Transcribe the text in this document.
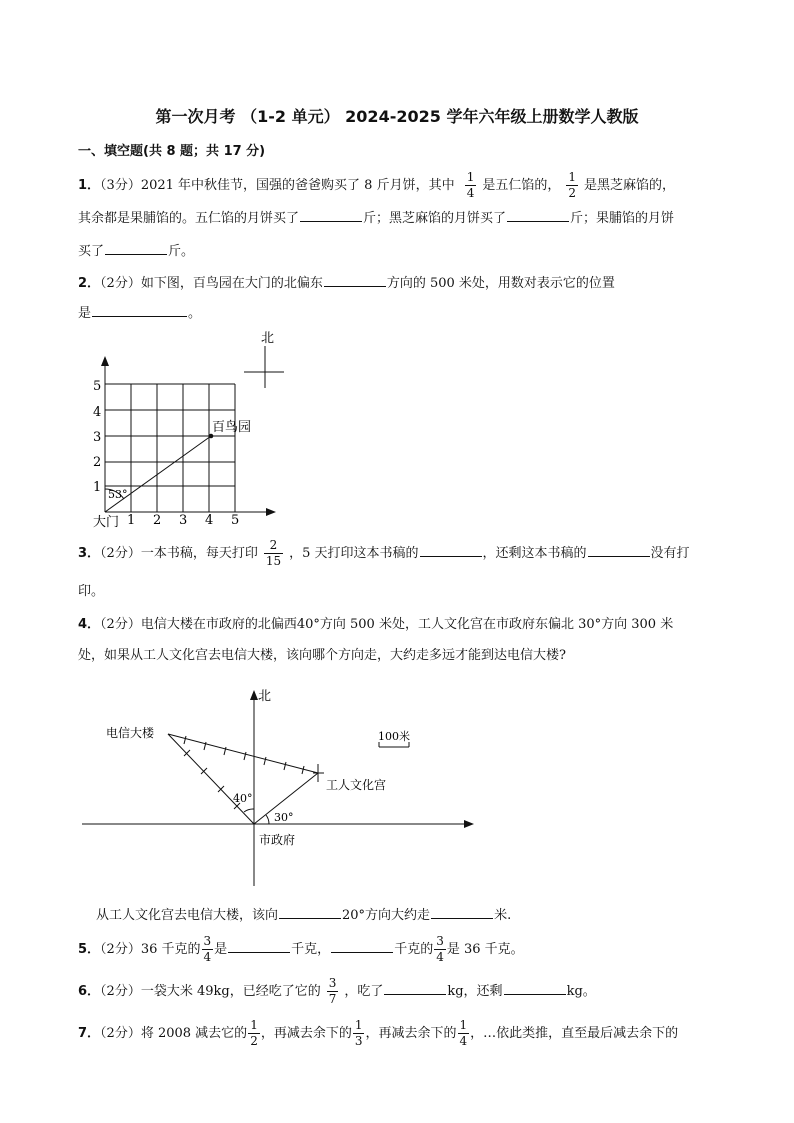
第一次月考 （1-2 单元） 2024-2025 学年六年级上册数学人教版
一、填空题(共 8 题；共 17 分)
1．（3分）2021 年中秋佳节，国强的爸爸购买了 8 斤月饼，其中 $\frac{1}{4}$ 是五仁馅的， $\frac{1}{2}$ 是黑芝麻馅的，
其余都是果脯馅的。五仁馅的月饼买了	斤；黑芝麻馅的月饼买了	斤；果脯馅的月饼
买了	斤。
2．（2分）如下图，百鸟园在大门的北偏东	方向的 500 米处，用数对表示它的位置
是	。
北
百鸟园
53°
大门 1 2 3 4 5
1
2
3
4
5
3．（2分）一本书稿，每天打印 $\frac{2}{15}$ ，5 天打印这本书稿的	，还剩这本书稿的	没有打
印。
4．（2分）电信大楼在市政府的北偏西40°方向 500 米处，工人文化宫在市政府东偏北 30°方向 300 米
处，如果从工人文化宫去电信大楼，该向哪个方向走，大约走多远才能到达电信大楼?
北
电信大楼
工人文化宫
市政府
40°
30°
100米
从工人文化宫去电信大楼，该向	20°方向大约走	米.
5．（2分）36 千克的 $\frac{3}{4}$ 是	千克，	千克的 $\frac{3}{4}$ 是 36 千克。
6．（2分）一袋大米 49kg，已经吃了它的 $\frac{3}{7}$ ，吃了	kg，还剩	kg。
7．（2分）将 2008 减去它的 $\frac{1}{2}$ ，再减去余下的 $\frac{1}{3}$ ，再减去余下的 $\frac{1}{4}$ ，…依此类推，直至最后减去余下的
